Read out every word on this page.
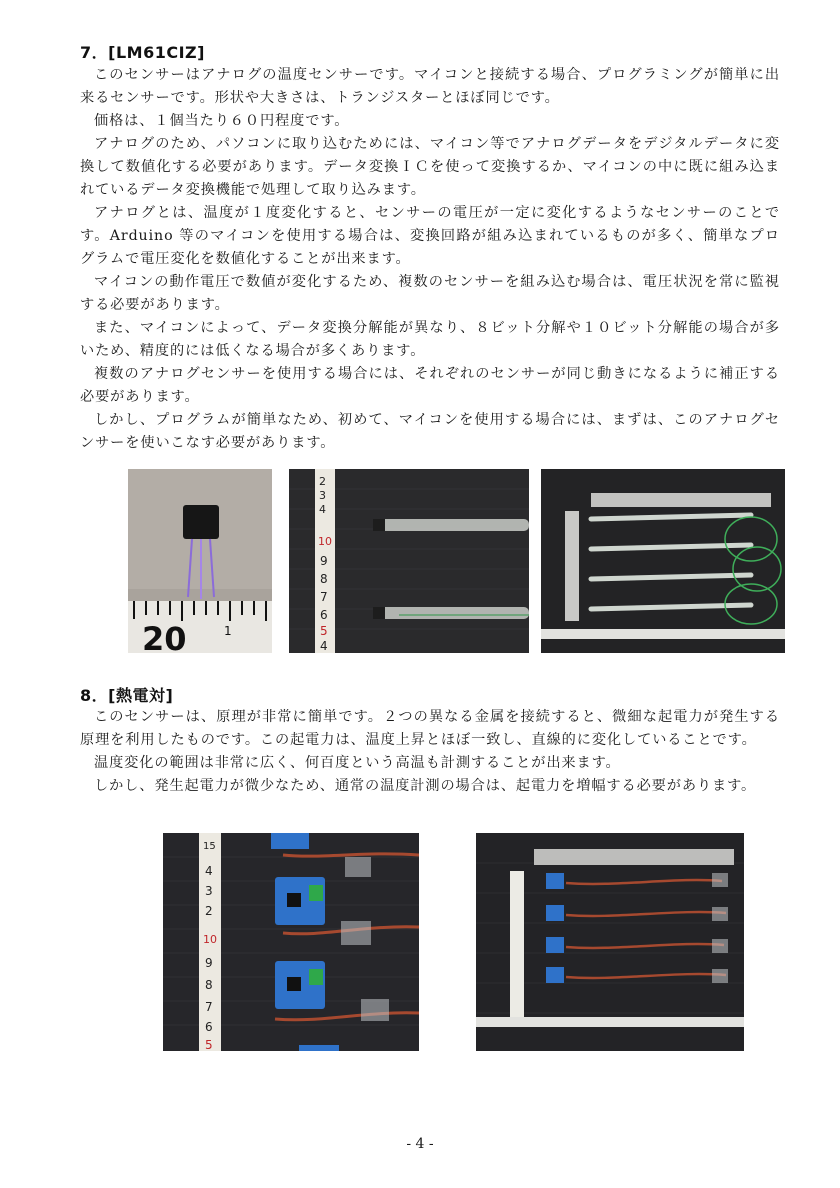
7．[LM61CIZ]

このセンサーはアナログの温度センサーです。マイコンと接続する場合、プログラミングが簡単に出来るセンサーです。形状や大きさは、トランジスターとほぼ同じです。

価格は、１個当たり６０円程度です。

アナログのため、パソコンに取り込むためには、マイコン等でアナログデータをデジタルデータに変換して数値化する必要があります。データ変換ＩＣを使って変換するか、マイコンの中に既に組み込まれているデータ変換機能で処理して取り込みます。

アナログとは、温度が１度変化すると、センサーの電圧が一定に変化するようなセンサーのことです。Arduino 等のマイコンを使用する場合は、変換回路が組み込まれているものが多く、簡単なプログラムで電圧変化を数値化することが出来ます。

マイコンの動作電圧で数値が変化するため、複数のセンサーを組み込む場合は、電圧状況を常に監視する必要があります。

また、マイコンによって、データ変換分解能が異なり、８ビット分解や１０ビット分解能の場合が多いため、精度的には低くなる場合が多くあります。

複数のアナログセンサーを使用する場合には、それぞれのセンサーが同じ動きになるように補正する必要があります。

しかし、プログラムが簡単なため、初めて、マイコンを使用する場合には、まずは、このアナログセンサーを使いこなす必要があります。

20	1
2
3
4
10
9
8
7
6
5
4
8．[熱電対]

このセンサーは、原理が非常に簡単です。２つの異なる金属を接続すると、微細な起電力が発生する原理を利用したものです。この起電力は、温度上昇とほぼ一致し、直線的に変化していることです。

温度変化の範囲は非常に広く、何百度という高温も計測することが出来ます。

しかし、発生起電力が微少なため、通常の温度計測の場合は、起電力を増幅する必要があります。

15
4
3
2
10
9
8
7
6
5
- 4 -
